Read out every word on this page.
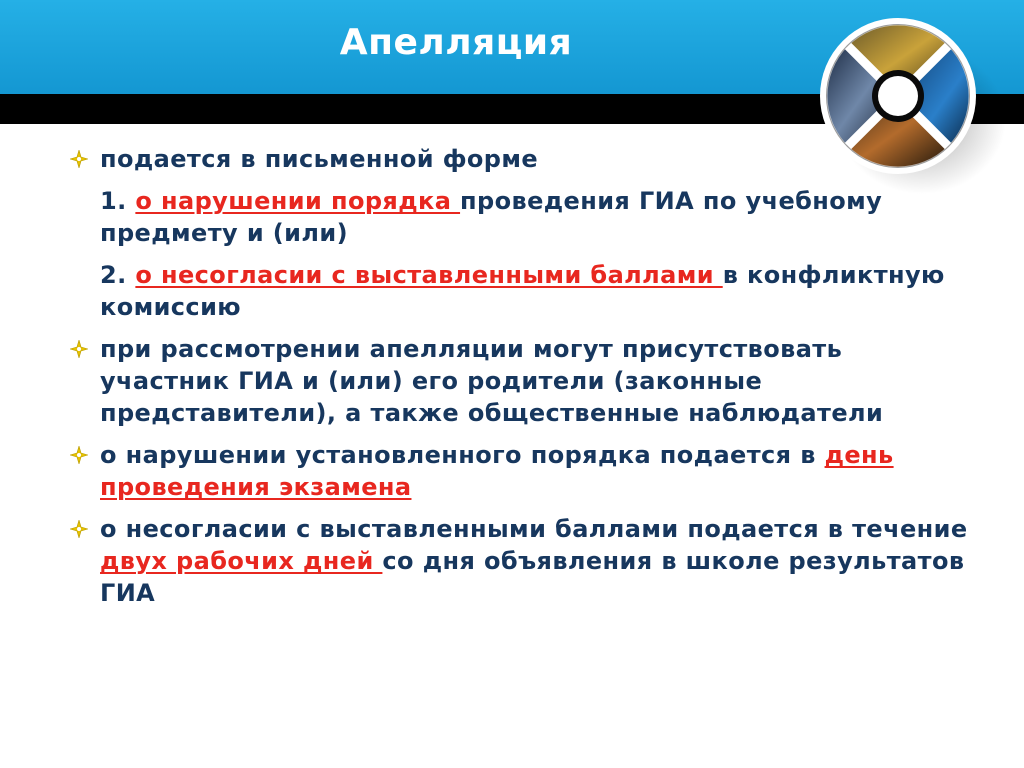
Апелляция
подается в письменной форме
1. о нарушении порядка проведения ГИА по учебному предмету и (или)
2. о несогласии с выставленными баллами в конфликтную комиссию
при рассмотрении апелляции могут присутствовать участник ГИА и (или) его родители (законные представители), а также общественные наблюдатели
о нарушении установленного порядка подается в день проведения экзамена
о несогласии с выставленными баллами подается в течение двух рабочих дней со дня объявления в школе результатов ГИА
